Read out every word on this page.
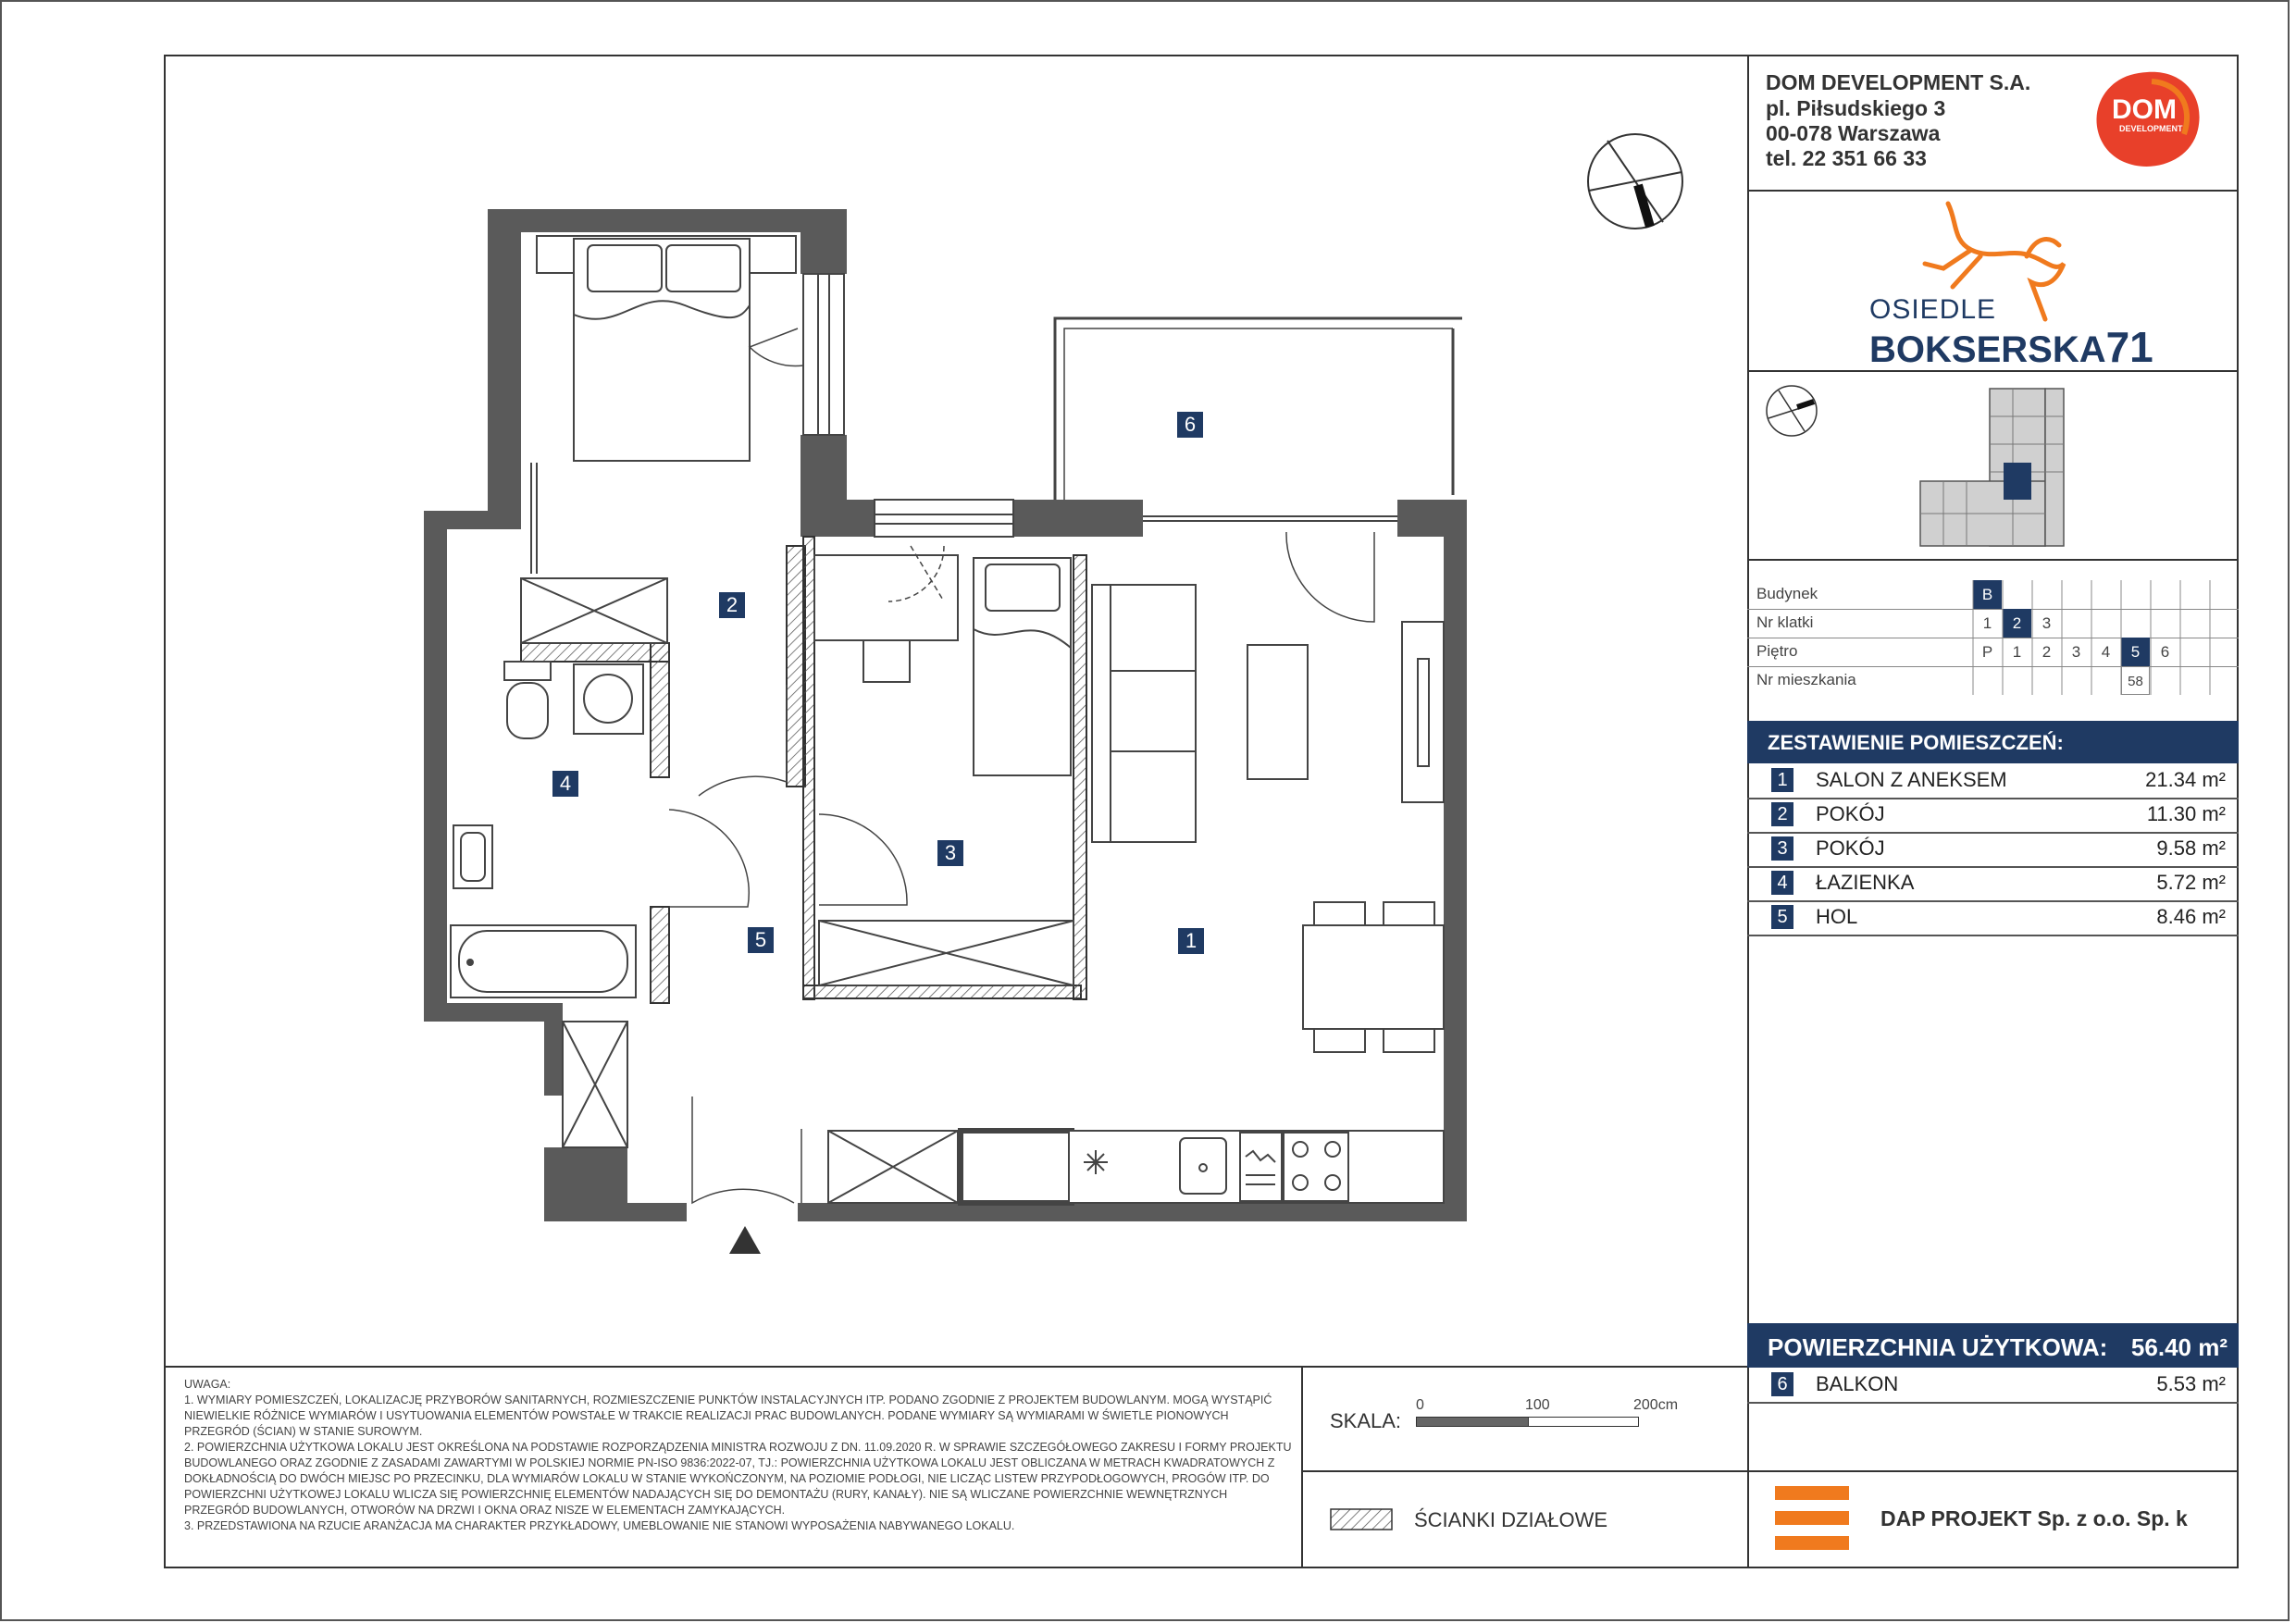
1
2
3
4
5
6
DOM DEVELOPMENT S.A.
pl. Piłsudskiego 3
00-078 Warszawa
tel. 22 351 66 33
DOM
DEVELOPMENT
OSIEDLE
BOKSERSKA71
Budynek	B
Nr klatki	1	2	3
Piętro	P	1	2	3	4	5	6
Nr mieszkania	58
ZESTAWIENIE POMIESZCZEŃ:
1 SALON Z ANEKSEM	21.34 m²
2 POKÓJ	11.30 m²
3 POKÓJ	9.58 m²
4 ŁAZIENKA	5.72 m²
5 HOL	8.46 m²
POWIERZCHNIA UŻYTKOWA: 56.40 m²
6 BALKON	5.53 m²

UWAGA:

1. WYMIARY POMIESZCZEŃ, LOKALIZACJĘ PRZYBORÓW SANITARNYCH, ROZMIESZCZENIE PUNKTÓW INSTALACYJNYCH ITP. PODANO ZGODNIE Z PROJEKTEM BUDOWLANYM. MOGĄ WYSTĄPIĆ NIEWIELKIE RÓŻNICE WYMIARÓW I USYTUOWANIA ELEMENTÓW POWSTAŁE W TRAKCIE REALIZACJI PRAC BUDOWLANYCH. PODANE WYMIARY SĄ WYMIARAMI W ŚWIETLE PIONOWYCH PRZEGRÓD (ŚCIAN) W STANIE SUROWYM.

2. POWIERZCHNIA UŻYTKOWA LOKALU JEST OKREŚLONA NA PODSTAWIE ROZPORZĄDZENIA MINISTRA ROZWOJU Z DN. 11.09.2020 R. W SPRAWIE SZCZEGÓŁOWEGO ZAKRESU I FORMY PROJEKTU BUDOWLANEGO ORAZ ZGODNIE Z ZASADAMI ZAWARTYMI W POLSKIEJ NORMIE PN-ISO 9836:2022-07, TJ.: POWIERZCHNIA UŻYTKOWA LOKALU JEST OBLICZANA W METRACH KWADRATOWYCH Z DOKŁADNOŚCIĄ DO DWÓCH MIEJSC PO PRZECINKU, DLA WYMIARÓW LOKALU W STANIE WYKOŃCZONYM, NA POZIOMIE PODŁOGI, NIE LICZĄC LISTEW PRZYPODŁOGOWYCH, PROGÓW ITP. DO POWIERZCHNI UŻYTKOWEJ LOKALU WLICZA SIĘ POWIERZCHNIĘ ELEMENTÓW NADAJĄCYCH SIĘ DO DEMONTAŻU (RURY, KANAŁY). NIE SĄ WLICZANE POWIERZCHNIE WEWNĘTRZNYCH PRZEGRÓD BUDOWLANYCH, OTWORÓW NA DRZWI I OKNA ORAZ NISZE W ELEMENTACH ZAMYKAJĄCYCH.

3. PRZEDSTAWIONA NA RZUCIE ARANŻACJA MA CHARAKTER PRZYKŁADOWY, UMEBLOWANIE NIE STANOWI WYPOSAŻENIA NABYWANEGO LOKALU.

SKALA:
0	100	200cm
ŚCIANKI DZIAŁOWE	DAP PROJEKT Sp. z o.o. Sp. k
